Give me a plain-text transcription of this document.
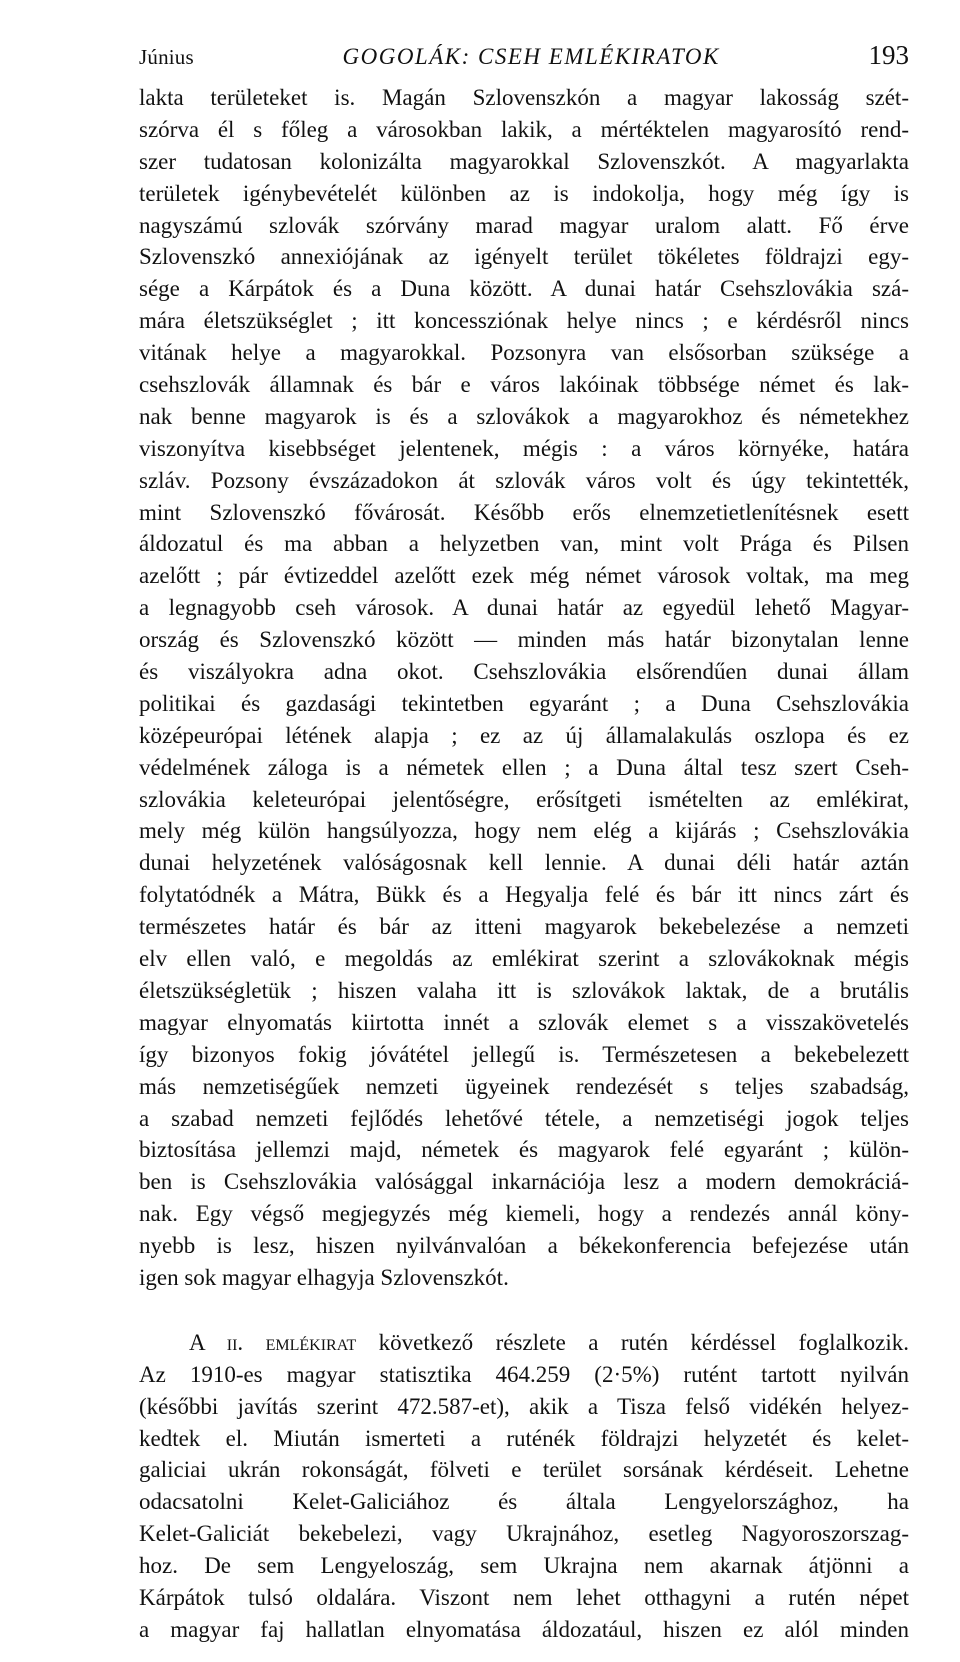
Június	GOGOLÁK: CSEH EMLÉKIRATOK	193
lakta területeket is. Magán Szlovenszkón a magyar lakosság szét-
szórva él s főleg a városokban lakik, a mértéktelen magyarosító rend-
szer tudatosan kolonizálta magyarokkal Szlovenszkót. A magyarlakta
területek igénybevételét különben az is indokolja, hogy még így is
nagyszámú szlovák szórvány marad magyar uralom alatt. Fő érve
Szlovenszkó annexiójának az igényelt terület tökéletes földrajzi egy-
sége a Kárpátok és a Duna között. A dunai határ Csehszlovákia szá-
mára életszükséglet ; itt koncessziónak helye nincs ; e kérdésről nincs
vitának helye a magyarokkal. Pozsonyra van elsősorban szüksége a
csehszlovák államnak és bár e város lakóinak többsége német és lak-
nak benne magyarok is és a szlovákok a magyarokhoz és németekhez
viszonyítva kisebbséget jelentenek, mégis : a város környéke, határa
szláv. Pozsony évszázadokon át szlovák város volt és úgy tekintették,
mint Szlovenszkó fővárosát. Később erős elnemzetietlenítésnek esett
áldozatul és ma abban a helyzetben van, mint volt Prága és Pilsen
azelőtt ; pár évtizeddel azelőtt ezek még német városok voltak, ma meg
a legnagyobb cseh városok. A dunai határ az egyedül lehető Magyar-
ország és Szlovenszkó között — minden más határ bizonytalan lenne
és viszályokra adna okot. Csehszlovákia elsőrendűen dunai állam
politikai és gazdasági tekintetben egyaránt ; a Duna Csehszlovákia
középeurópai létének alapja ; ez az új államalakulás oszlopa és ez
védelmének záloga is a németek ellen ; a Duna által tesz szert Cseh-
szlovákia keleteurópai jelentőségre, erősítgeti ismételten az emlékirat,
mely még külön hangsúlyozza, hogy nem elég a kijárás ; Csehszlovákia
dunai helyzetének valóságosnak kell lennie. A dunai déli határ aztán
folytatódnék a Mátra, Bükk és a Hegyalja felé és bár itt nincs zárt és
természetes határ és bár az itteni magyarok bekebelezése a nemzeti
elv ellen való, e megoldás az emlékirat szerint a szlovákoknak mégis
életszükségletük ; hiszen valaha itt is szlovákok laktak, de a brutális
magyar elnyomatás kiirtotta innét a szlovák elemet s a visszakövetelés
így bizonyos fokig jóvátétel jellegű is. Természetesen a bekebelezett
más nemzetiségűek nemzeti ügyeinek rendezését s teljes szabadság,
a szabad nemzeti fejlődés lehetővé tétele, a nemzetiségi jogok teljes
biztosítása jellemzi majd, németek és magyarok felé egyaránt ; külön-
ben is Csehszlovákia valósággal inkarnációja lesz a modern demokráciá-
nak. Egy végső megjegyzés még kiemeli, hogy a rendezés annál köny-
nyebb is lesz, hiszen nyilvánvalóan a békekonferencia befejezése után
igen sok magyar elhagyja Szlovenszkót.
A ii. emlékirat következő részlete a rutén kérdéssel foglalkozik.
Az 1910-es magyar statisztika 464.259 (2·5%) rutént tartott nyilván
(későbbi javítás szerint 472.587-et), akik a Tisza felső vidékén helyez-
kedtek el. Miután ismerteti a ruténék földrajzi helyzetét és kelet-
galiciai ukrán rokonságát, fölveti e terület sorsának kérdéseit. Lehetne
odacsatolni Kelet-Galiciához és általa Lengyelországhoz, ha
Kelet-Galiciát bekebelezi, vagy Ukrajnához, esetleg Nagyoroszorszag-
hoz. De sem Lengyeloszág, sem Ukrajna nem akarnak átjönni a
Kárpátok tulsó oldalára. Viszont nem lehet otthagyni a rutén népet
a magyar faj hallatlan elnyomatása áldozatául, hiszen ez alól minden
